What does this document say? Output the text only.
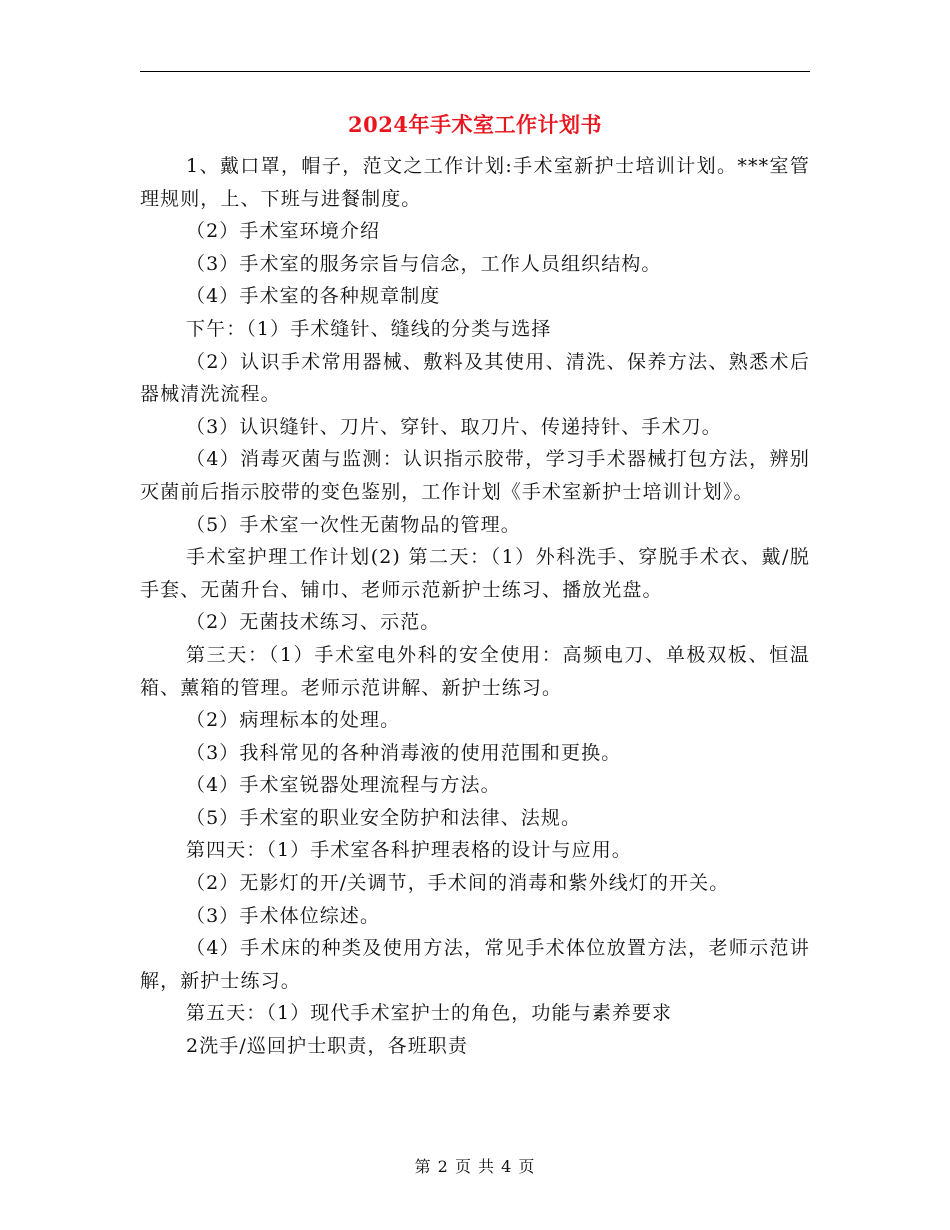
2024年手术室工作计划书

1、戴口罩，帽子，范文之工作计划:手术室新护士培训计划。***室管理规则，上、下班与进餐制度。

（2）手术室环境介绍

（3）手术室的服务宗旨与信念，工作人员组织结构。

（4）手术室的各种规章制度

下午：（1）手术缝针、缝线的分类与选择

（2）认识手术常用器械、敷料及其使用、清洗、保养方法、熟悉术后器械清洗流程。

（3）认识缝针、刀片、穿针、取刀片、传递持针、手术刀。

（4）消毒灭菌与监测：认识指示胶带，学习手术器械打包方法，辨别灭菌前后指示胶带的变色鉴别，工作计划《手术室新护士培训计划》。

（5）手术室一次性无菌物品的管理。

手术室护理工作计划(2) 第二天：（1）外科洗手、穿脱手术衣、戴/脱手套、无菌升台、铺巾、老师示范新护士练习、播放光盘。

（2）无菌技术练习、示范。

第三天：（1）手术室电外科的安全使用：高频电刀、单极双板、恒温箱、薰箱的管理。老师示范讲解、新护士练习。

（2）病理标本的处理。

（3）我科常见的各种消毒液的使用范围和更换。

（4）手术室锐器处理流程与方法。

（5）手术室的职业安全防护和法律、法规。

第四天：（1）手术室各科护理表格的设计与应用。

（2）无影灯的开/关调节，手术间的消毒和紫外线灯的开关。

（3）手术体位综述。

（4）手术床的种类及使用方法，常见手术体位放置方法，老师示范讲解，新护士练习。

第五天：（1）现代手术室护士的角色，功能与素养要求

2洗手/巡回护士职责，各班职责

第 2 页 共 4 页
